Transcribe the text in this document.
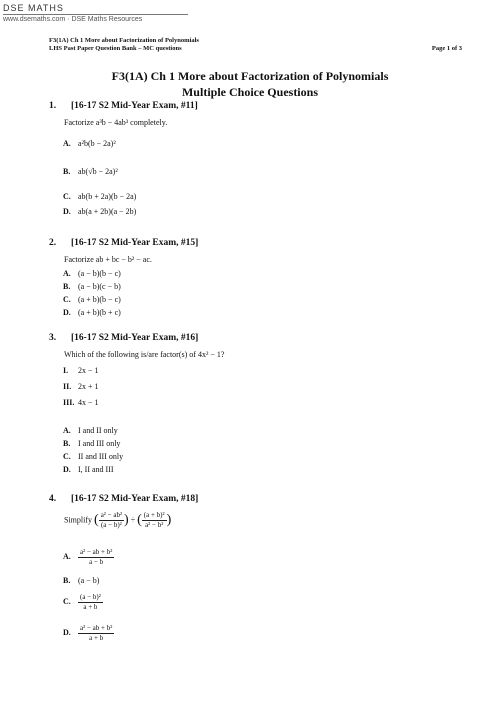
DSE MATHS
www.dsemaths.com · DSE Maths Resources
F3(1A) Ch 1 More about Factorization of Polynomials
LHS Past Paper Question Bank – MC questions	Page 1 of 3
F3(1A) Ch 1 More about Factorization of Polynomials
Multiple Choice Questions
1. [16-17 S2 Mid-Year Exam, #11]
Factorize a³b − 4ab³ completely.
A. a²b(b − 2a)²
B. ab(√b − 2a)²
C. ab(b + 2a)(b − 2a)
D. ab(a + 2b)(a − 2b)
2. [16-17 S2 Mid-Year Exam, #15]
Factorize ab + bc − b² − ac.
A. (a − b)(b − c)
B. (a − b)(c − b)
C. (a + b)(b − c)
D. (a + b)(b + c)
3. [16-17 S2 Mid-Year Exam, #16]
Which of the following is/are factor(s) of 4x² − 1?
I. 2x − 1
II. 2x + 1
III. 4x − 1
A. I and II only
B. I and III only
C. II and III only
D. I, II and III
4. [16-17 S2 Mid-Year Exam, #18]
Simplify ( $\frac{\text{a² − ab²}}{\text{(a − b)²}}$ ) ÷ ( $\frac{\text{(a + b)²}}{\text{a² − b²}}$ )
A. $\frac{\text{a² − ab + b²}}{a - b}$
B. (a − b)
C. $\frac{\text{(a − b)²}}{a + b}$
D. $\frac{\text{a² − ab + b²}}{a + b}$
